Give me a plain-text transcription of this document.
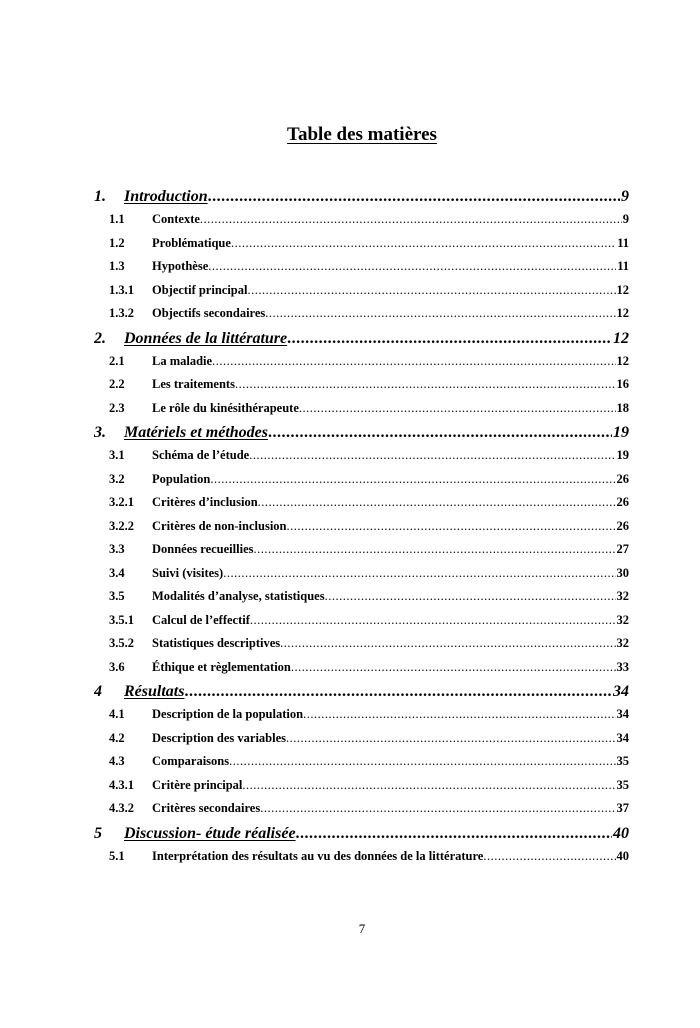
Table des matières
1.	Introduction .....	9
1.1	Contexte .....	9
1.2	Problématique .....	11
1.3	Hypothèse .....	11
1.3.1	Objectif principal .....	12
1.3.2	Objectifs secondaires .....	12
2.	Données de la littérature .....	12
2.1	La maladie .....	12
2.2	Les traitements .....	16
2.3	Le rôle du kinésithérapeute .....	18
3.	Matériels et méthodes .....	19
3.1	Schéma de l’étude .....	19
3.2	Population .....	26
3.2.1	Critères d’inclusion .....	26
3.2.2	Critères de non-inclusion .....	26
3.3	Données recueillies .....	27
3.4	Suivi (visites) .....	30
3.5	Modalités d’analyse, statistiques .....	32
3.5.1	Calcul de l’effectif .....	32
3.5.2	Statistiques descriptives .....	32
3.6	Éthique et règlementation .....	33
4	Résultats .....	34
4.1	Description de la population .....	34
4.2	Description des variables .....	34
4.3	Comparaisons .....	35
4.3.1	Critère principal .....	35
4.3.2	Critères secondaires .....	37
5	Discussion- étude réalisée .....	40
5.1	Interprétation des résultats au vu des données de la littérature .....	40
7
